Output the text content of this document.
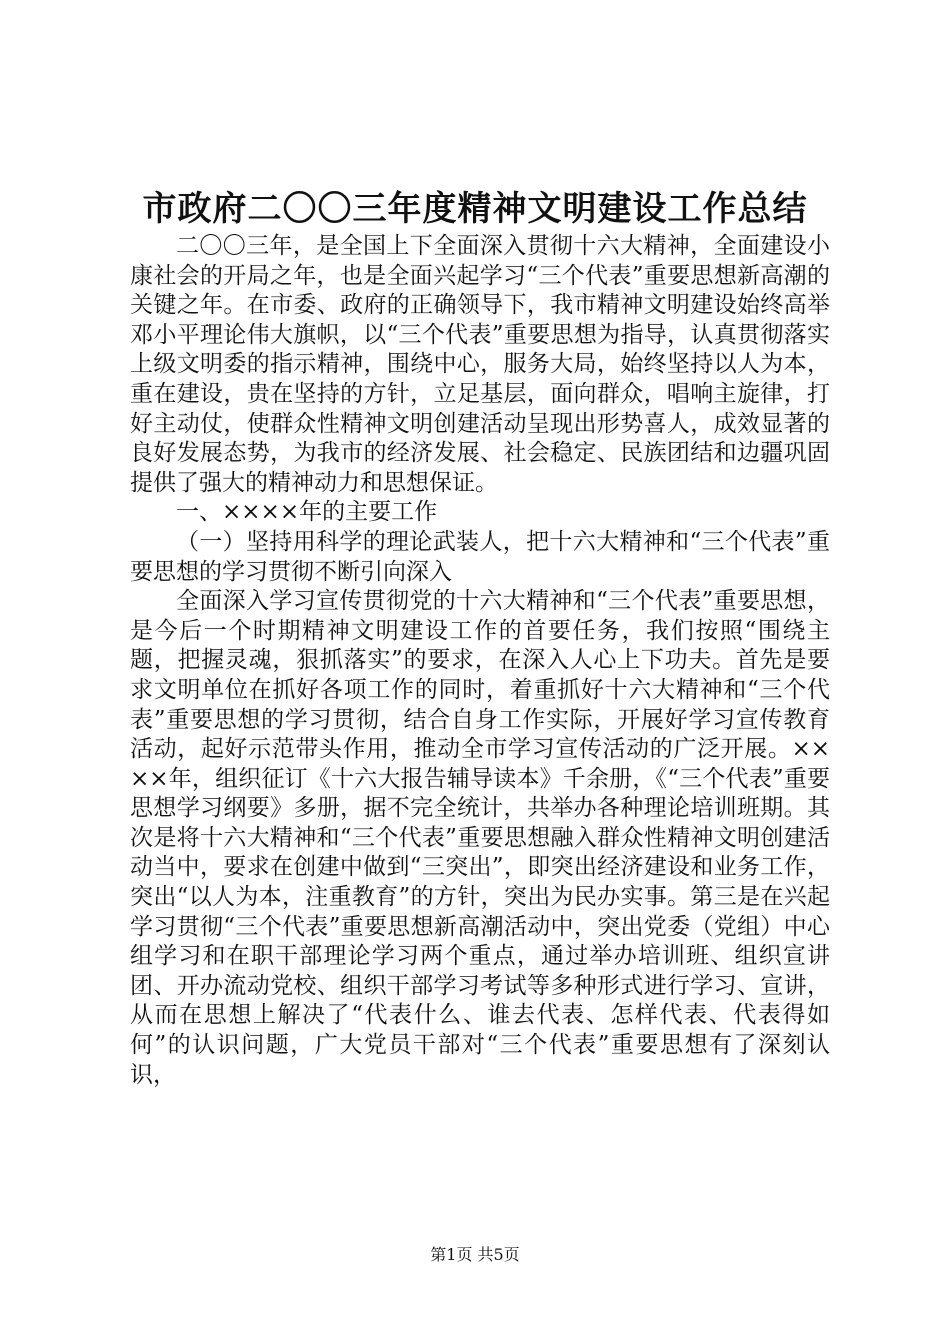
市政府二〇〇三年度精神文明建设工作总结

二〇〇三年，是全国上下全面深入贯彻十六大精神，全面建设小康社会的开局之年，也是全面兴起学习“三个代表”重要思想新高潮的关键之年。在市委、政府的正确领导下，我市精神文明建设始终高举邓小平理论伟大旗帜，以“三个代表”重要思想为指导，认真贯彻落实上级文明委的指示精神，围绕中心，服务大局，始终坚持以人为本，重在建设，贵在坚持的方针，立足基层，面向群众，唱响主旋律，打好主动仗，使群众性精神文明创建活动呈现出形势喜人，成效显著的良好发展态势，为我市的经济发展、社会稳定、民族团结和边疆巩固提供了强大的精神动力和思想保证。

一、××××年的主要工作

（一）坚持用科学的理论武装人，把十六大精神和“三个代表”重要思想的学习贯彻不断引向深入

全面深入学习宣传贯彻党的十六大精神和“三个代表”重要思想，是今后一个时期精神文明建设工作的首要任务，我们按照“围绕主题，把握灵魂，狠抓落实”的要求，在深入人心上下功夫。首先是要求文明单位在抓好各项工作的同时，着重抓好十六大精神和“三个代表”重要思想的学习贯彻，结合自身工作实际，开展好学习宣传教育活动，起好示范带头作用，推动全市学习宣传活动的广泛开展。××××年，组织征订《十六大报告辅导读本》千余册，《“三个代表”重要思想学习纲要》多册，据不完全统计，共举办各种理论培训班期。其次是将十六大精神和“三个代表”重要思想融入群众性精神文明创建活动当中，要求在创建中做到“三突出”，即突出经济建设和业务工作，突出“以人为本，注重教育”的方针，突出为民办实事。第三是在兴起学习贯彻“三个代表”重要思想新高潮活动中，突出党委（党组）中心组学习和在职干部理论学习两个重点，通过举办培训班、组织宣讲团、开办流动党校、组织干部学习考试等多种形式进行学习、宣讲，从而在思想上解决了“代表什么、谁去代表、怎样代表、代表得如何”的认识问题，广大党员干部对“三个代表”重要思想有了深刻认识，

第1页 共5页
